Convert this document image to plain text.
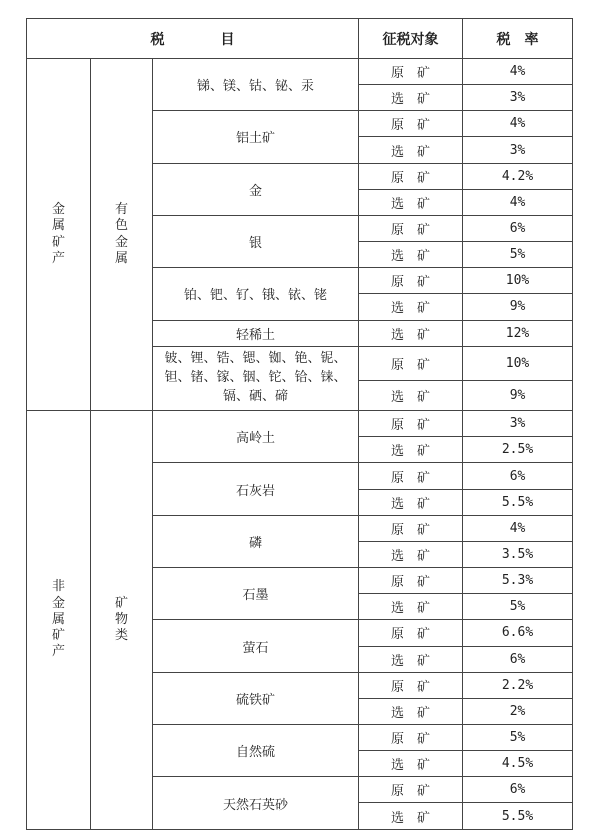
税　　　　目			征税对象	税　率
金属矿产	有色金属	锑、镁、钴、铋、汞	原　矿	4%
			选　矿	3%
		铝土矿	原　矿	4%
			选　矿	3%
		金	原　矿	4.2%
			选　矿	4%
		银	原　矿	6%
			选　矿	5%
		铂、钯、钌、锇、铱、铑	原　矿	10%
			选　矿	9%
		轻稀土	选　矿	12%
		铍、锂、锆、锶、铷、铯、铌、钽、锗、镓、铟、铊、铪、铼、镉、硒、碲	原　矿	10%
			选　矿	9%
非金属矿产	矿物类	高岭土	原　矿	3%
			选　矿	2.5%
		石灰岩	原　矿	6%
			选　矿	5.5%
		磷	原　矿	4%
			选　矿	3.5%
		石墨	原　矿	5.3%
			选　矿	5%
		萤石	原　矿	6.6%
			选　矿	6%
		硫铁矿	原　矿	2.2%
			选　矿	2%
		自然硫	原　矿	5%
			选　矿	4.5%
		天然石英砂	原　矿	6%
			选　矿	5.5%
